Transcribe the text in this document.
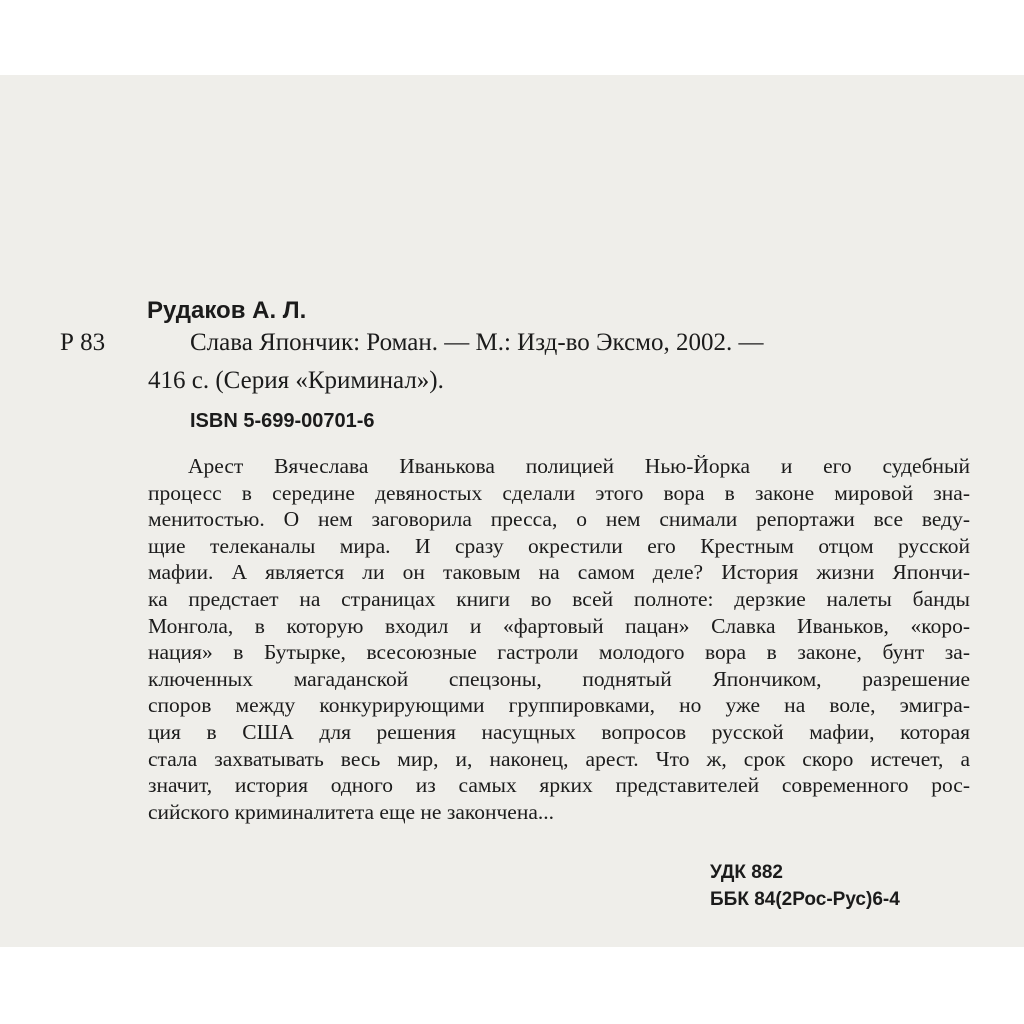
Рудаков А. Л.
Р 83	Слава Япончик: Роман. — М.: Изд-во Эксмо, 2002. —
416 с. (Серия «Криминал»).
ISBN 5-699-00701-6
Арест Вячеслава Иванькова полицией Нью-Йорка и его судебный
процесс в середине девяностых сделали этого вора в законе мировой зна-
менитостью. О нем заговорила пресса, о нем снимали репортажи все веду-
щие телеканалы мира. И сразу окрестили его Крестным отцом русской
мафии. А является ли он таковым на самом деле? История жизни Япончи-
ка предстает на страницах книги во всей полноте: дерзкие налеты банды
Монгола, в которую входил и «фартовый пацан» Славка Иваньков, «коро-
нация» в Бутырке, всесоюзные гастроли молодого вора в законе, бунт за-
ключенных магаданской спецзоны, поднятый Япончиком, разрешение
споров между конкурирующими группировками, но уже на воле, эмигра-
ция в США для решения насущных вопросов русской мафии, которая
стала захватывать весь мир, и, наконец, арест. Что ж, срок скоро истечет, а
значит, история одного из самых ярких представителей современного рос-
сийского криминалитета еще не закончена...
УДК 882
ББК 84(2Рос-Рус)6-4
